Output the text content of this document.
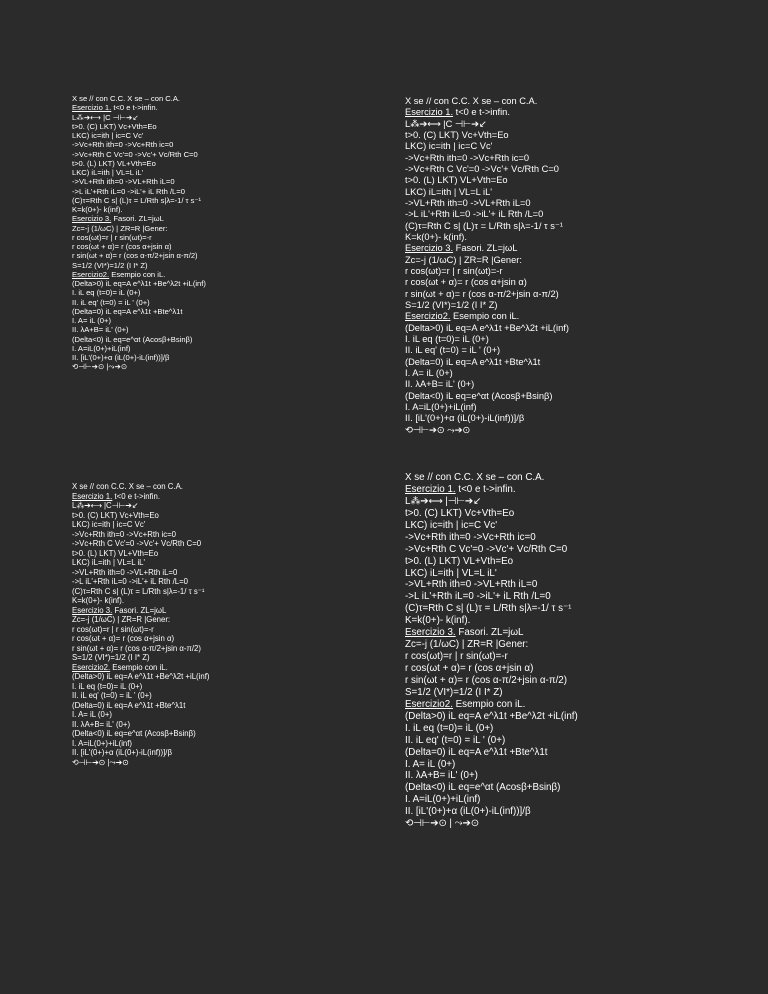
X se // con C.C. X se – con C.A.
Esercizio 1. t<0 e t->infin.
L⁂➔⟷ |C ⊣⊢➔↙
t>0. (C) LKT) Vc+Vth=Eo
LKC) ic=ith | ic=C Vc'
->Vc+Rth ith=0 ->Vc+Rth ic=0
->Vc+Rth C Vc'=0 ->Vc'+ Vc/Rth C=0
t>0. (L) LKT) VL+Vth=Eo
LKC) iL=ith | VL=L iL'
->VL+Rth ith=0 ->VL+Rth iL=0
->L iL'+Rth iL=0 ->iL'+ iL Rth /L=0
(C)τ=Rth C s| (L)τ = L/Rth s|λ=-1/ τ s⁻¹
K=k(0+)- k(inf).
Esercizio 3. Fasori. ZL=jωL
Zc=-j (1/ωC) | ZR=R |Gener:
r cos(ωt)=r | r sin(ωt)=-r
r cos(ωt + α)= r (cos α+jsin α)
r sin(ωt + α)= r (cos α-π/2+jsin α-π/2)
S=1/2 (VI*)=1/2 (I I* Z)
Esercizio2. Esempio con iL.
(Delta>0) iL eq=A e^λ1t +Be^λ2t +iL(inf)
I. iL eq (t=0)= iL (0+)
II. iL eq' (t=0) = iL ' (0+)
(Delta=0) iL eq=A e^λ1t +Bte^λ1t
I. A= iL (0+)
II. λA+B= iL' (0+)
(Delta<0) iL eq=e^αt (Acosβ+Bsinβ)
I. A=iL(0+)+iL(inf)
II. [iL'(0+)+α (iL(0+)-iL(inf))]/β
⟲⊣⊢➔⊙ |⤳➔⊙
X se // con C.C. X se – con C.A.
Esercizio 1. t<0 e t->infin.
L⁂➔⟷ |C ⊣⊢➔↙
t>0. (C) LKT) Vc+Vth=Eo
LKC) ic=ith | ic=C Vc'
->Vc+Rth ith=0 ->Vc+Rth ic=0
->Vc+Rth C Vc'=0 ->Vc'+ Vc/Rth C=0
t>0. (L) LKT) VL+Vth=Eo
LKC) iL=ith | VL=L iL'
->VL+Rth ith=0 ->VL+Rth iL=0
->L iL'+Rth iL=0 ->iL'+ iL Rth /L=0
(C)τ=Rth C s| (L)τ = L/Rth s|λ=-1/ τ s⁻¹
K=k(0+)- k(inf).
Esercizio 3. Fasori. ZL=jωL
Zc=-j (1/ωC) | ZR=R |Gener:
r cos(ωt)=r | r sin(ωt)=-r
r cos(ωt + α)= r (cos α+jsin α)
r sin(ωt + α)= r (cos α-π/2+jsin α-π/2)
S=1/2 (VI*)=1/2 (I I* Z)
Esercizio2. Esempio con iL.
(Delta>0) iL eq=A e^λ1t +Be^λ2t +iL(inf)
I. iL eq (t=0)= iL (0+)
II. iL eq' (t=0) = iL ' (0+)
(Delta=0) iL eq=A e^λ1t +Bte^λ1t
I. A= iL (0+)
II. λA+B= iL' (0+)
(Delta<0) iL eq=e^αt (Acosβ+Bsinβ)
I. A=iL(0+)+iL(inf)
II. [iL'(0+)+α (iL(0+)-iL(inf))]/β
⟲⊣⊢➔⊙ ⤳➔⊙
X se // con C.C. X se – con C.A.
Esercizio 1. t<0 e t->infin.
L⁂➔⟷ |C⊣⊢➔↙
t>0. (C) LKT) Vc+Vth=Eo
LKC) ic=ith | ic=C Vc'
->Vc+Rth ith=0 ->Vc+Rth ic=0
->Vc+Rth C Vc'=0 ->Vc'+ Vc/Rth C=0
t>0. (L) LKT) VL+Vth=Eo
LKC) iL=ith | VL=L iL'
->VL+Rth ith=0 ->VL+Rth iL=0
->L iL'+Rth iL=0 ->iL'+ iL Rth /L=0
(C)τ=Rth C s| (L)τ = L/Rth s|λ=-1/ τ s⁻¹
K=k(0+)- k(inf).
Esercizio 3. Fasori. ZL=jωL
Zc=-j (1/ωC) | ZR=R |Gener:
r cos(ωt)=r | r sin(ωt)=-r
r cos(ωt + α)= r (cos α+jsin α)
r sin(ωt + α)= r (cos α-π/2+jsin α-π/2)
S=1/2 (VI*)=1/2 (I I* Z)
Esercizio2. Esempio con iL.
(Delta>0) iL eq=A e^λ1t +Be^λ2t +iL(inf)
I. iL eq (t=0)= iL (0+)
II. iL eq' (t=0) = iL ' (0+)
(Delta=0) iL eq=A e^λ1t +Bte^λ1t
I. A= iL (0+)
II. λA+B= iL' (0+)
(Delta<0) iL eq=e^αt (Acosβ+Bsinβ)
I. A=iL(0+)+iL(inf)
II. [iL'(0+)+α (iL(0+)-iL(inf))]/β
⟲⊣⊢➔⊙ |⤳➔⊙
X se // con C.C. X se – con C.A.
Esercizio 1. t<0 e t->infin.
L⁂➔⟷ |⊣⊢➔↙
t>0. (C) LKT) Vc+Vth=Eo
LKC) ic=ith | ic=C Vc'
->Vc+Rth ith=0 ->Vc+Rth ic=0
->Vc+Rth C Vc'=0 ->Vc'+ Vc/Rth C=0
t>0. (L) LKT) VL+Vth=Eo
LKC) iL=ith | VL=L iL'
->VL+Rth ith=0 ->VL+Rth iL=0
->L iL'+Rth iL=0 ->iL'+ iL Rth /L=0
(C)τ=Rth C s| (L)τ = L/Rth s|λ=-1/ τ s⁻¹
K=k(0+)- k(inf).
Esercizio 3. Fasori. ZL=jωL
Zc=-j (1/ωC) | ZR=R |Gener:
r cos(ωt)=r | r sin(ωt)=-r
r cos(ωt + α)= r (cos α+jsin α)
r sin(ωt + α)= r (cos α-π/2+jsin α-π/2)
S=1/2 (VI*)=1/2 (I I* Z)
Esercizio2. Esempio con iL.
(Delta>0) iL eq=A e^λ1t +Be^λ2t +iL(inf)
I. iL eq (t=0)= iL (0+)
II. iL eq' (t=0) = iL ' (0+)
(Delta=0) iL eq=A e^λ1t +Bte^λ1t
I. A= iL (0+)
II. λA+B= iL' (0+)
(Delta<0) iL eq=e^αt (Acosβ+Bsinβ)
I. A=iL(0+)+iL(inf)
II. [iL'(0+)+α (iL(0+)-iL(inf))]/β
⟲⊣⊢➔⊙ | ⤳➔⊙
